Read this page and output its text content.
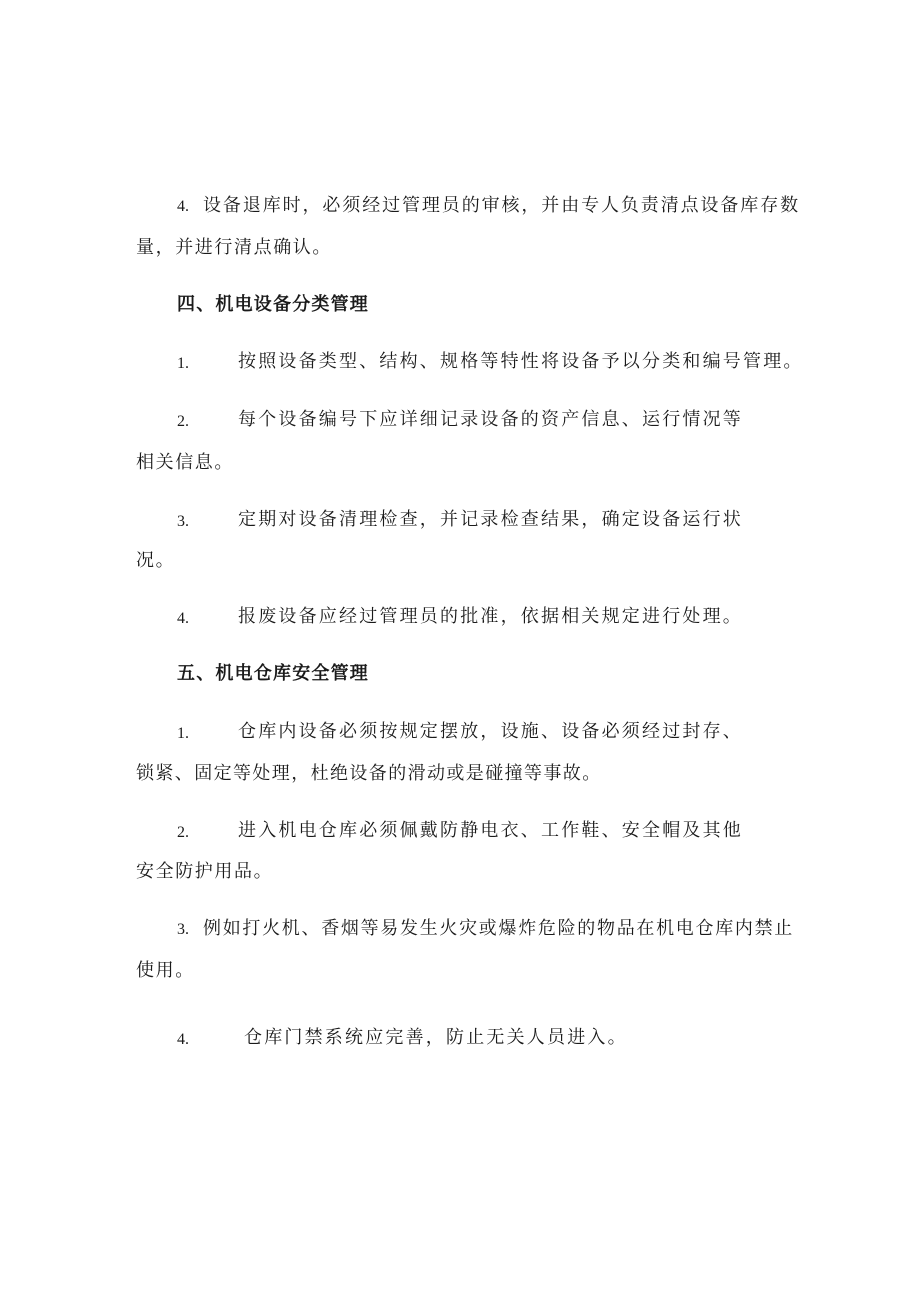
4. 设备退库时，必须经过管理员的审核，并由专人负责清点设备库存数
量，并进行清点确认。
四、机电设备分类管理
1.	按照设备类型、结构、规格等特性将设备予以分类和编号管理。
2.	每个设备编号下应详细记录设备的资产信息、运行情况等
相关信息。
3.	定期对设备清理检查，并记录检查结果，确定设备运行状
况。
4.	报废设备应经过管理员的批准，依据相关规定进行处理。
五、机电仓库安全管理
1.	仓库内设备必须按规定摆放，设施、设备必须经过封存、
锁紧、固定等处理，杜绝设备的滑动或是碰撞等事故。
2.	进入机电仓库必须佩戴防静电衣、工作鞋、安全帽及其他
安全防护用品。
3. 例如打火机、香烟等易发生火灾或爆炸危险的物品在机电仓库内禁止
使用。
4.	仓库门禁系统应完善，防止无关人员进入。
